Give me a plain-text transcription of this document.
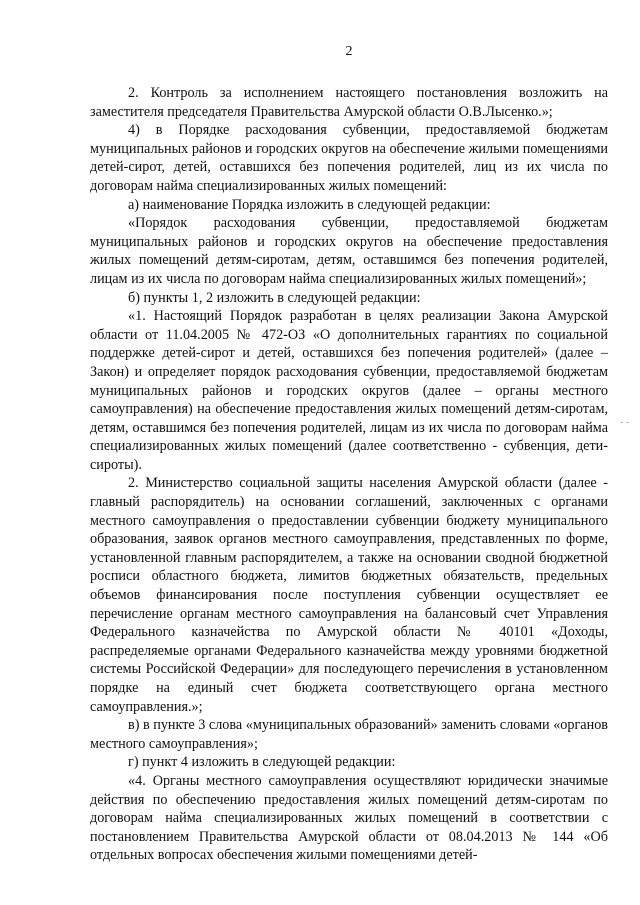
2

2. Контроль за исполнением настоящего постановления возложить на заместителя председателя Правительства Амурской области О.В.Лысенко.»;

4) в Порядке расходования субвенции, предоставляемой бюджетам муниципальных районов и городских округов на обеспечение жилыми помещениями детей-сирот, детей, оставшихся без попечения родителей, лиц из их числа по договорам найма специализированных жилых помещений:

а) наименование Порядка изложить в следующей редакции:

«Порядок расходования субвенции, предоставляемой бюджетам муниципальных районов и городских округов на обеспечение предоставления жилых помещений детям-сиротам, детям, оставшимся без попечения родителей, лицам из их числа по договорам найма специализированных жилых помещений»;

б) пункты 1, 2 изложить в следующей редакции:

«1. Настоящий Порядок разработан в целях реализации Закона Амурской области от 11.04.2005 № 472-ОЗ «О дополнительных гарантиях по социальной поддержке детей-сирот и детей, оставшихся без попечения родителей» (далее – Закон) и определяет порядок расходования субвенции, предоставляемой бюджетам муниципальных районов и городских округов (далее – органы местного самоуправления) на обеспечение предоставления жилых помещений детям-сиротам, детям, оставшимся без попечения родителей, лицам из их числа по договорам найма специализированных жилых помещений (далее соответственно - субвенция, дети-сироты).

2. Министерство социальной защиты населения Амурской области (далее - главный распорядитель) на основании соглашений, заключенных с органами местного самоуправления о предоставлении субвенции бюджету муниципального образования, заявок органов местного самоуправления, представленных по форме, установленной главным распорядителем, а также на основании сводной бюджетной росписи областного бюджета, лимитов бюджетных обязательств, предельных объемов финансирования после поступления субвенции осуществляет ее перечисление органам местного самоуправления на балансовый счет Управления Федерального казначейства по Амурской области № 40101 «Доходы, распределяемые органами Федерального казначейства между уровнями бюджетной системы Российской Федерации» для последующего перечисления в установленном порядке на единый счет бюджета соответствующего органа местного самоуправления.»;

в) в пункте 3 слова «муниципальных образований» заменить словами «органов местного самоуправления»;

г) пункт 4 изложить в следующей редакции:

«4. Органы местного самоуправления осуществляют юридически значимые действия по обеспечению предоставления жилых помещений детям-сиротам по договорам найма специализированных жилых помещений в соответствии с постановлением Правительства Амурской области от 08.04.2013 № 144 «Об отдельных вопросах обеспечения жилыми помещениями детей-

- -
